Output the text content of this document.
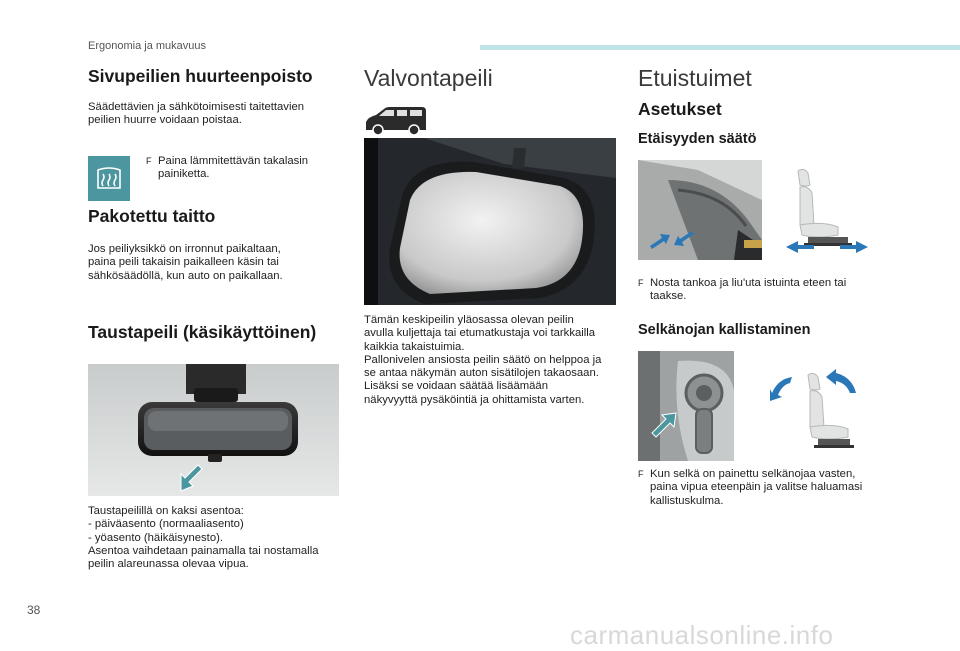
Ergonomia ja mukavuus
Sivupeilien huurteenpoisto
Säädettävien ja sähkötoimisesti taitettavien
peilien huurre voidaan poistaa.
F Paina lämmitettävän takalasin
painiketta.
Pakotettu taitto
Jos peiliyksikkö on irronnut paikaltaan,
paina peili takaisin paikalleen käsin tai
sähkösäädöllä, kun auto on paikallaan.
Taustapeili (käsikäyttöinen)
Taustapeilillä on kaksi asentoa:
- päiväasento (normaaliasento)
- yöasento (häikäisynesto).
Asentoa vaihdetaan painamalla tai nostamalla
peilin alareunassa olevaa vipua.
Valvontapeili
Tämän keskipeilin yläosassa olevan peilin
avulla kuljettaja tai etumatkustaja voi tarkkailla
kaikkia takaistuimia.
Pallonivelen ansiosta peilin säätö on helppoa ja
se antaa näkymän auton sisätilojen takaosaan.
Lisäksi se voidaan säätää lisäämään
näkyvyyttä pysäköintiä ja ohittamista varten.
Etuistuimet
Asetukset
Etäisyyden säätö
F Nosta tankoa ja liu'uta istuinta eteen tai
taakse.
Selkänojan kallistaminen
F Kun selkä on painettu selkänojaa vasten,
paina vipua eteenpäin ja valitse haluamasi
kallistuskulma.
38
carmanualsonline.info
